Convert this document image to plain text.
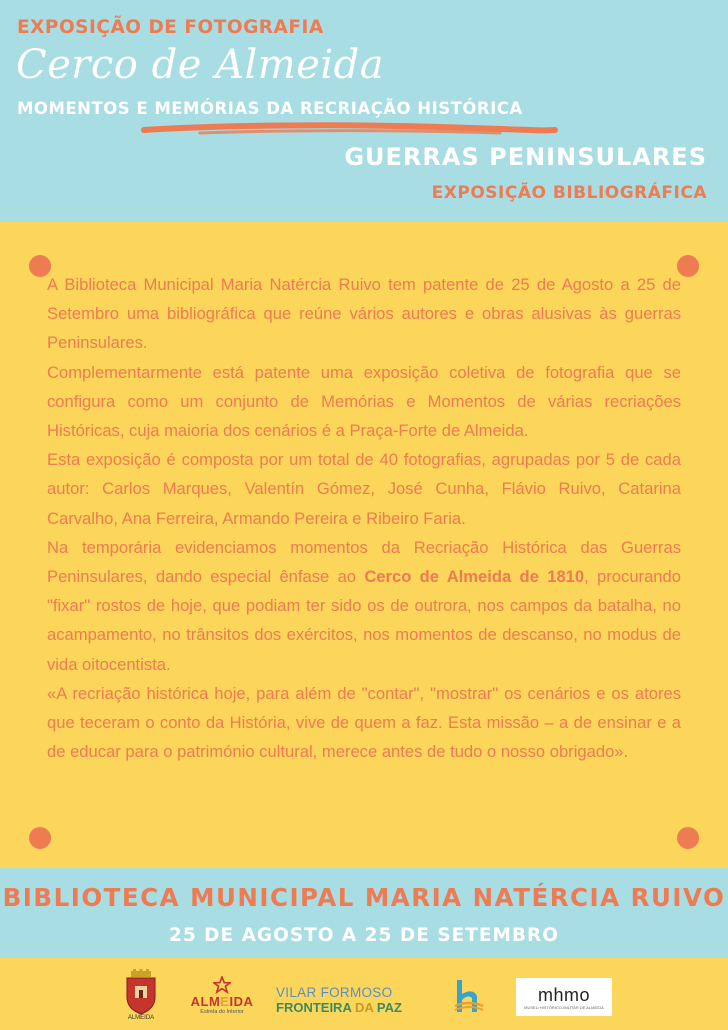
EXPOSIÇÃO DE FOTOGRAFIA
Cerco de Almeida
MOMENTOS E MEMÓRIAS DA RECRIAÇÃO HISTÓRICA
GUERRAS PENINSULARES
EXPOSIÇÃO BIBLIOGRÁFICA

A Biblioteca Municipal Maria Natércia Ruivo tem patente de 25 de Agosto a 25 de Setembro uma bibliográfica que reúne vários autores e obras alusivas às guerras Peninsulares.

Complementarmente está patente uma exposição coletiva de fotografia que se configura como um conjunto de Memórias e Momentos de várias recriações Históricas, cuja maioria dos cenários é a Praça-Forte de Almeida.

Esta exposição é composta por um total de 40 fotografias, agrupadas por 5 de cada autor: Carlos Marques, Valentín Gómez, José Cunha, Flávio Ruivo, Catarina Carvalho, Ana Ferreira, Armando Pereira e Ribeiro Faria.

Na temporária evidenciamos momentos da Recriação Histórica das Guerras Peninsulares, dando especial ênfase ao Cerco de Almeida de 1810, procurando "fixar" rostos de hoje, que podiam ter sido os de outrora, nos campos da batalha, no acampamento, no trânsitos dos exércitos, nos momentos de descanso, no modus de vida oitocentista.

«A recriação histórica hoje, para além de "contar", "mostrar" os cenários e os atores que teceram o conto da História, vive de quem a faz. Esta missão – a de ensinar e a de educar para o património cultural, merece antes de tudo o nosso obrigado».

BIBLIOTECA MUNICIPAL MARIA NATÉRCIA RUIVO
25 DE AGOSTO A 25 DE SETEMBRO
ALMEIDA
ALMEIDA
Estrela do Interior
VILAR FORMOSO
FRONTEIRA DA PAZ
mhmo
MUSEU HISTÓRICO-MILITAR DE ALMEIDA
